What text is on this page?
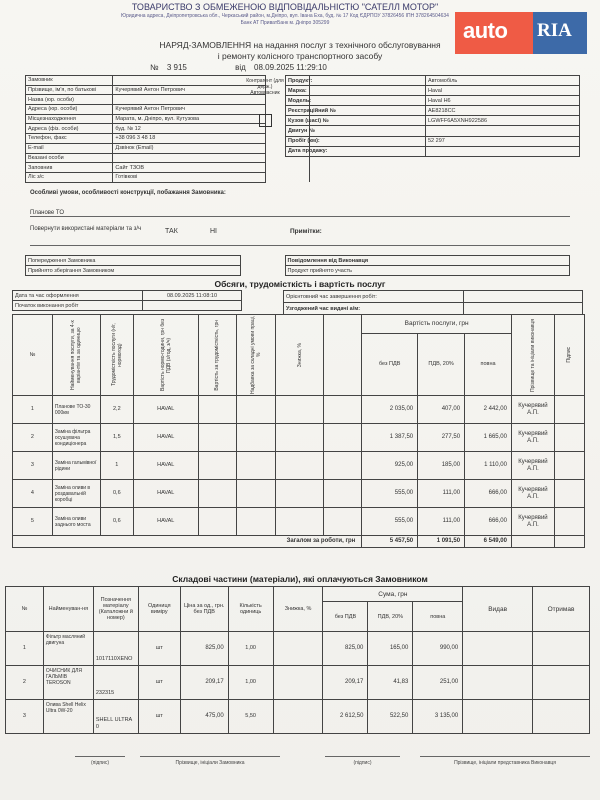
ТОВАРИСТВО З ОБМЕЖЕНОЮ ВІДПОВІДАЛЬНІСТЮ "САТЕЛЛ МОТОР"
Юридична адреса, Дніпропетровська обл., Черкаський район, м.Дніпро, вул. Івана Еха, буд. № 17 Код ЄДРПОУ 37826456 ІПН 378264504634 Банк АТ ПриватБанк м. Дніпро 305299	auto	RIA
НАРЯД-ЗАМОВЛЕННЯ на надання послуг з технічного обслуговування
і ремонту колісного транспортного засобу
№ 3 915	від 08.09.2025 11:29:10
Замовник		
Прізвище, ім'я, по батькові	Кучерявий Антон Петрович	
Назва (юр. особи)		
Адреса (юр. особи)	Кучерявий Антон Петрович	
Місцезнаходження	Марата, м. Дніпро, вул. Кутузова	
Адреса (фіз. особи)	буд. № 12	
Телефон, факс	+38 096 3 48 18	
E-mail	Дзвінок (Email)	
Вказані особи		
Заповнив	Сайт ТЗОВ	
Ліс з/с	Готівкові	
Контрагент (для держ.) Автовласник
Продукт:	Автомобіль
Марка:	Haval
Модель:	Haval H6
Реєстраційний №	АЕ8218СС
Кузов (шасі) №	LGWFF6A5XNH922586
Двигун №	
Пробіг (км):	52 297
Дата продажу:	
Особливі умови, особливості конструкції, побажання Замовника:
Планове ТО
Повернути використані матеріали та з/ч	ТАК	НІ	Примітки:
Попередження Замовника		Повідомлення від Виконавця
Прийнято зберігання Замовником		Продукт прийнято участь
Обсяги, трудомісткість і вартість послуг
Дата та час оформлення	08.09.2025 11:08:10
Початок виконання робіт	
Орієнтовний час завершення робіт:	
Узгоджений час видачі а/м:	
№	Найменування послуги, за 4-х варіантів та за одиницю	Трудомісткість послуги (н/г, нормогод)	Вартість нормо-години, грн без ПДВ (з/год, з/ч)	Вартість за трудомісткість, грн	Надбавка за складні умови праці, %	Знижка, %		Вартість послуги, грн			Прізвище та ініціали виконавця	Підпис

								без ПДВ	ПДВ, 20%	повна		
1	Планове ТО-30 000км	2,2	HAVAL					2 035,00	407,00	2 442,00	Кучерявий А.П.	
2	Заміна фільтра осушувача кондиціонера	1,5	HAVAL					1 387,50	277,50	1 665,00	Кучерявий А.П.	
3	Заміна гальмівної рідини	1	HAVAL					925,00	185,00	1 110,00	Кучерявий А.П.	
4	Заміна оливи в роздавальній коробці	0,6	HAVAL					555,00	111,00	666,00	Кучерявий А.П.	
5	Заміна оливи заднього моста	0,6	HAVAL					555,00	111,00	666,00	Кучерявий А.П.	
Загалом за роботи, грн								5 457,50	1 091,50	6 549,00		
Складові частини (матеріали), які оплачуються Замовником
№	Найменуван-ня	Позначення матеріалу (Каталожни й номер)	Одиниця виміру	Ціна за од., грн. без ПДВ	Кількість одиниць	Знижка, %	Сума, грн			Видав	Отримав
							без ПДВ	ПДВ, 20%	повна		
1	Фільтр масляний двигуна	1017110XENO	шт	825,00	1,00		825,00	165,00	990,00		
2	ОЧИСНИК ДЛЯ ГАЛЬМІВ TEROSON	232315	шт	209,17	1,00		209,17	41,83	251,00		
3	Олива Shell Helix Ultra 0W-20	SHELL ULTRA 0	шт	475,00	5,50		2 612,50	522,50	3 135,00		
(підпис)	Прізвище, ініціали Замовника	(підпис)	Прізвище, ініціали представника Виконавця
